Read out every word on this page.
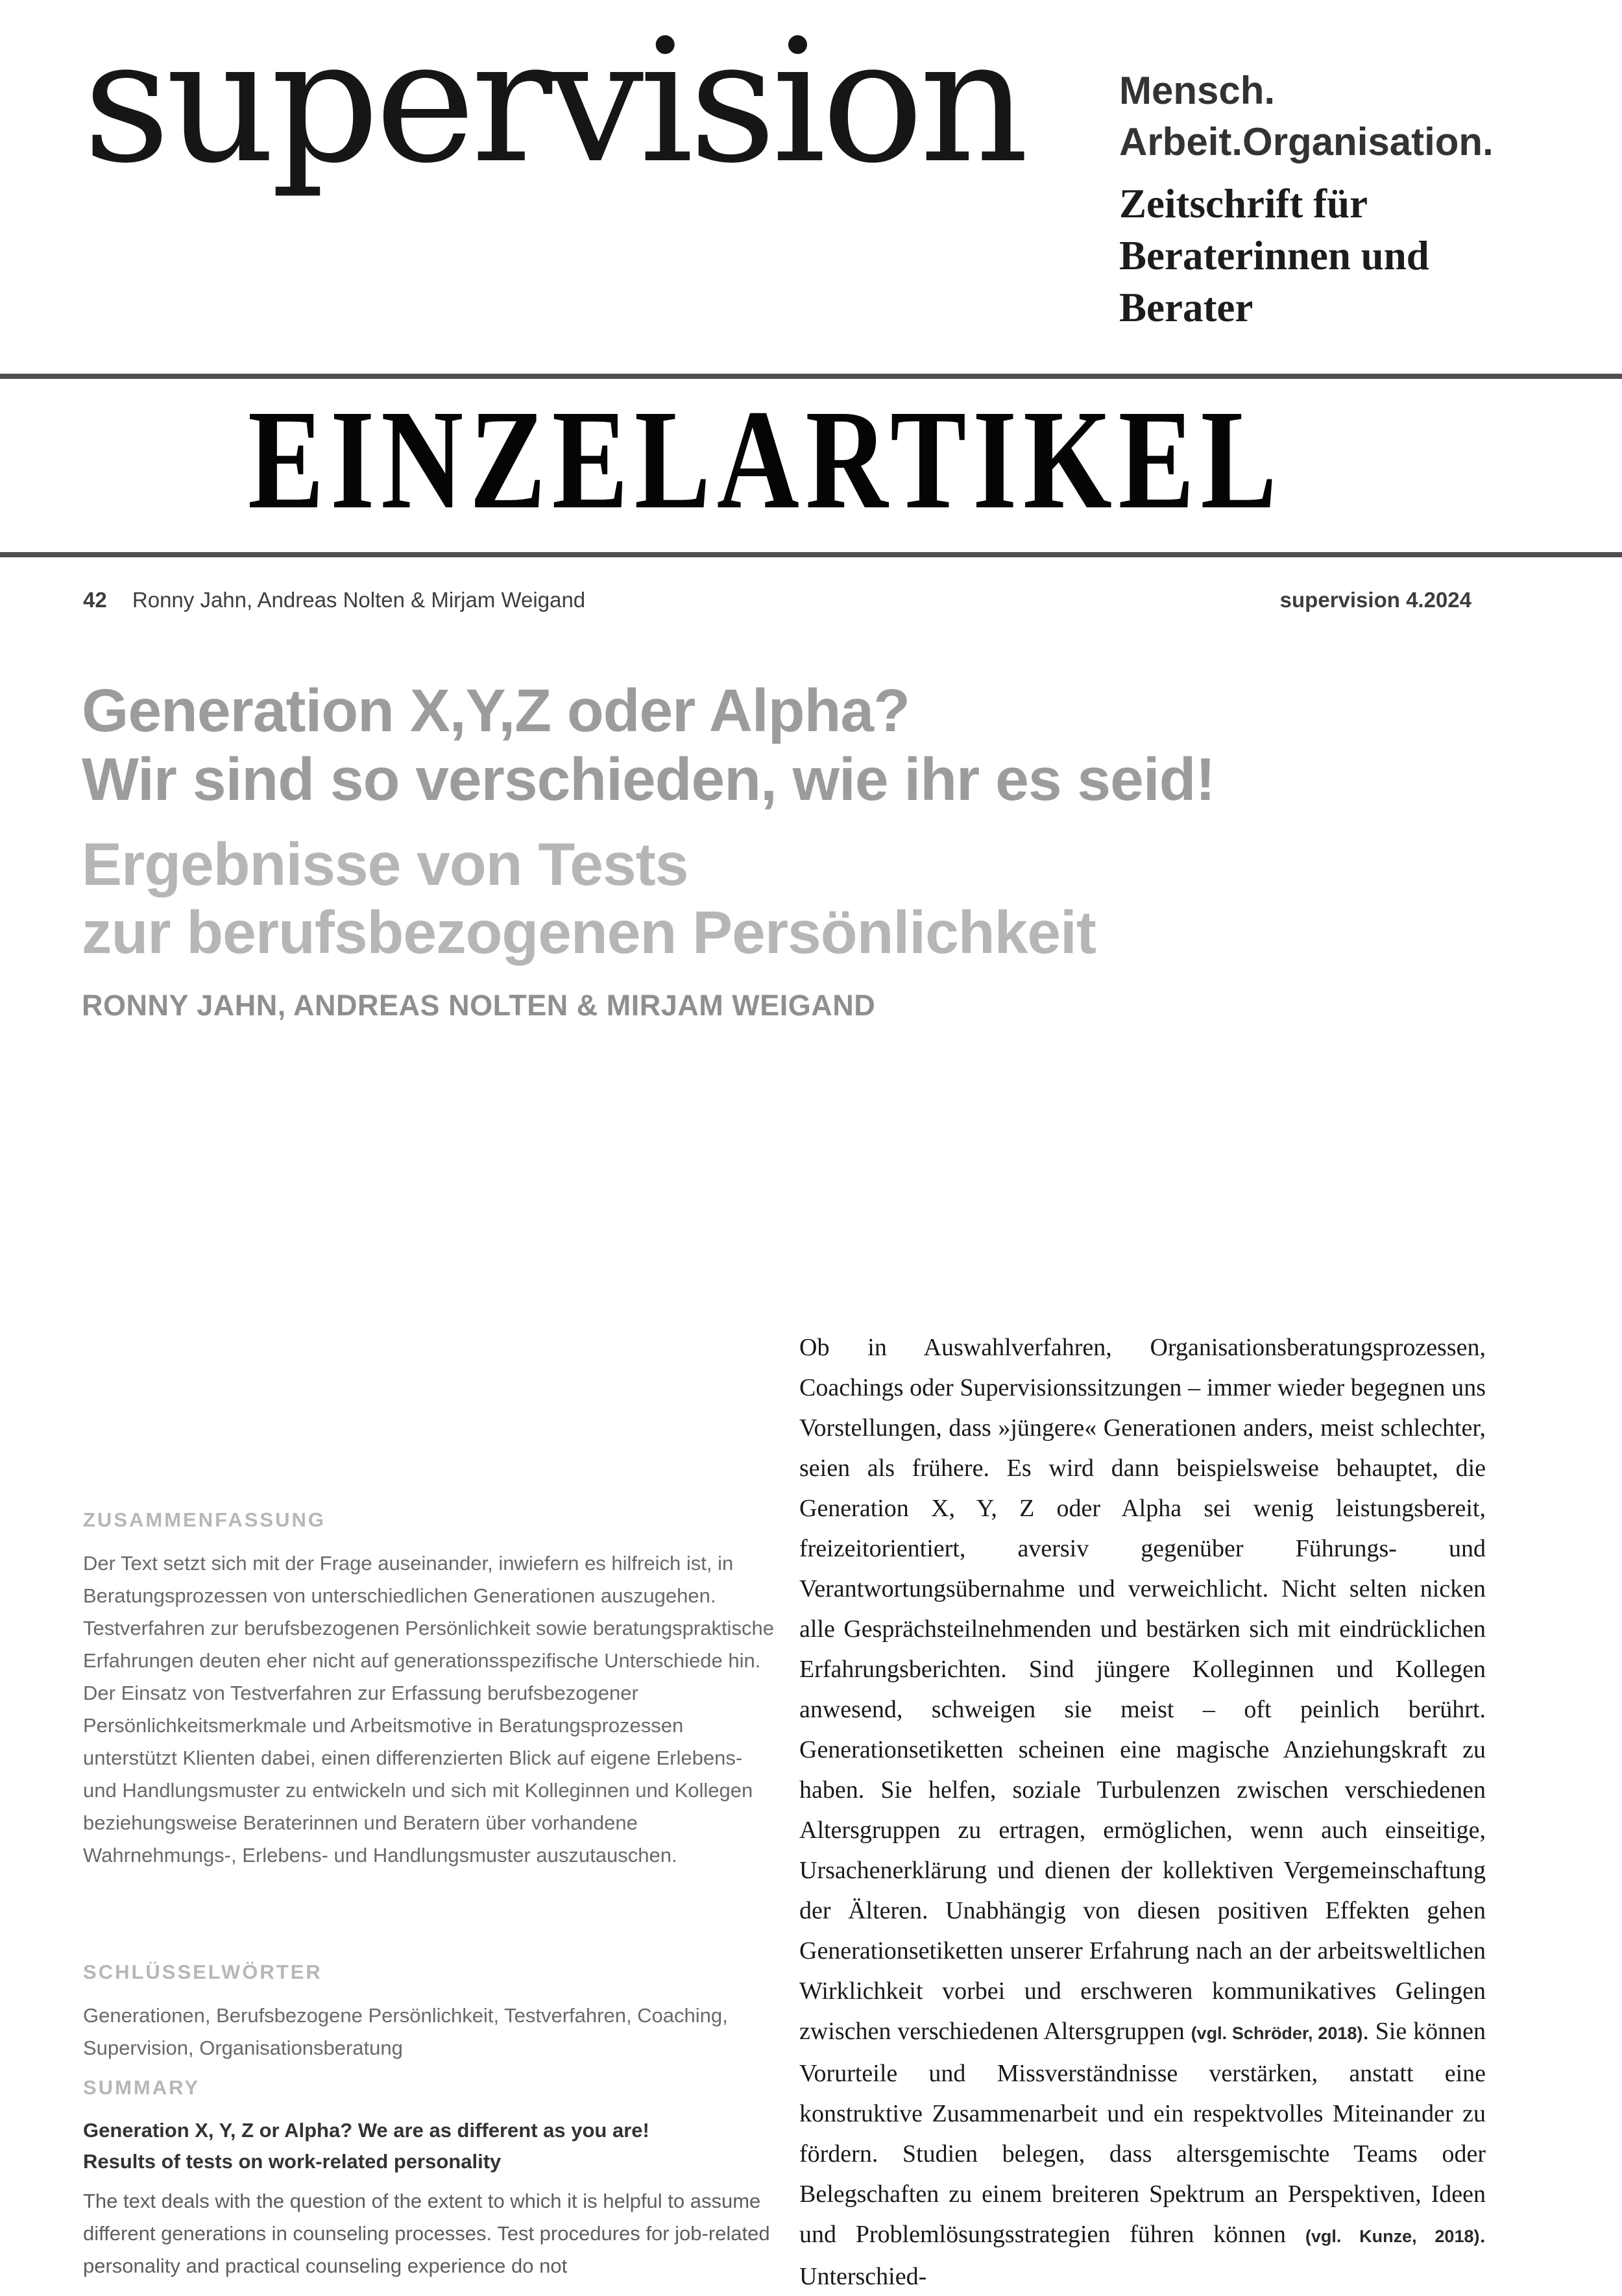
supervision Mensch.
Arbeit.Organisation.
Zeitschrift für
Beraterinnen und
Berater
EINZELARTIKEL
42 Ronny Jahn, Andreas Nolten & Mirjam Weigand	supervision 4.2024
Generation X,Y,Z oder Alpha?
Wir sind so verschieden, wie ihr es seid!
Ergebnisse von Tests
zur berufsbezogenen Persönlichkeit
RONNY JAHN, ANDREAS NOLTEN & MIRJAM WEIGAND
ZUSAMMENFASSUNG
Der Text setzt sich mit der Frage auseinander, inwiefern es hilfreich ist, in Beratungsprozessen von unterschiedlichen Generationen auszugehen. Testverfahren zur berufsbezogenen Persönlichkeit sowie beratungspraktische Erfahrungen deuten eher nicht auf generationsspezifische Unterschiede hin. Der Einsatz von Testverfahren zur Erfassung berufsbezogener Persönlichkeitsmerkmale und Arbeitsmotive in Beratungsprozessen unterstützt Klienten dabei, einen differenzierten Blick auf eigene Erlebens- und Handlungsmuster zu entwickeln und sich mit Kolleginnen und Kollegen beziehungsweise Beraterinnen und Beratern über vorhandene Wahrnehmungs-, Erlebens- und Handlungsmuster auszutauschen.
SCHLÜSSELWÖRTER
Generationen, Berufsbezogene Persönlichkeit, Testverfahren, Coaching, Supervision, Organisationsberatung
SUMMARY
Generation X, Y, Z or Alpha? We are as different as you are!
Results of tests on work-related personality
The text deals with the question of the extent to which it is helpful to assume different generations in counseling processes. Test procedures for job-related personality and practical counseling experience do not
Ob in Auswahlverfahren, Organisationsberatungsprozessen, Coachings oder Supervisionssitzungen – immer wieder begegnen uns Vorstellungen, dass »jüngere« Generationen anders, meist schlechter, seien als frühere. Es wird dann beispielsweise behauptet, die Generation X, Y, Z oder Alpha sei wenig leistungsbereit, freizeitorientiert, aversiv gegenüber Führungs- und Verantwortungsübernahme und verweichlicht. Nicht selten nicken alle Gesprächsteilnehmenden und bestärken sich mit eindrücklichen Erfahrungsberichten. Sind jüngere Kolleginnen und Kollegen anwesend, schweigen sie meist – oft peinlich berührt. Generationsetiketten scheinen eine magische Anziehungskraft zu haben. Sie helfen, soziale Turbulenzen zwischen verschiedenen Altersgruppen zu ertragen, ermöglichen, wenn auch einseitige, Ursachenerklärung und dienen der kollektiven Vergemeinschaftung der Älteren. Unabhängig von diesen positiven Effekten gehen Generationsetiketten unserer Erfahrung nach an der arbeitsweltlichen Wirklichkeit vorbei und erschweren kommunikatives Gelingen zwischen verschiedenen Altersgruppen (vgl. Schröder, 2018). Sie können Vorurteile und Missverständnisse verstärken, anstatt eine konstruktive Zusammenarbeit und ein respektvolles Miteinander zu fördern. Studien belegen, dass altersgemischte Teams oder Belegschaften zu einem breiteren Spektrum an Perspektiven, Ideen und Problemlösungsstrategien führen können (vgl. Kunze, 2018). Unterschied-
